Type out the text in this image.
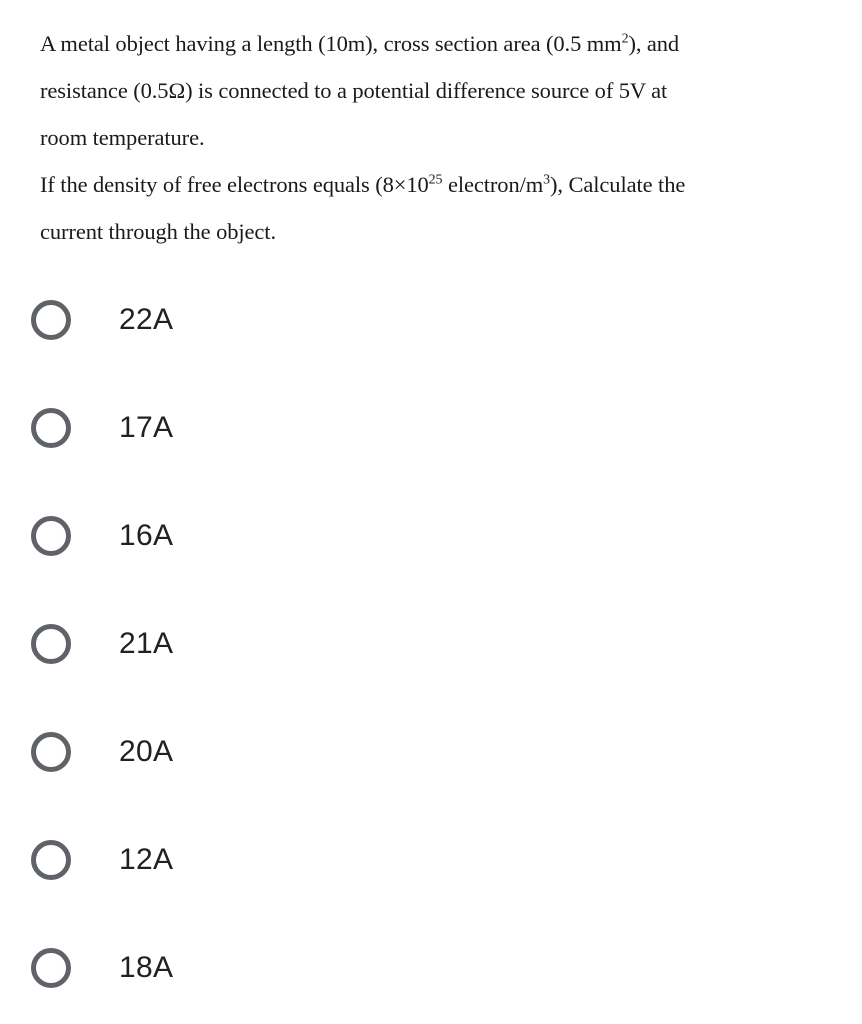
A metal object having a length (10m), cross section area (0.5 $mm^2$), and
resistance (0.5Ω) is connected to a potential difference source of 5V at
room temperature.
If the density of free electrons equals ($8\times 10^{25}$ electron/$m^3$), Calculate the
current through the object.
22A
17A
16A
21A
20A
12A
18A
